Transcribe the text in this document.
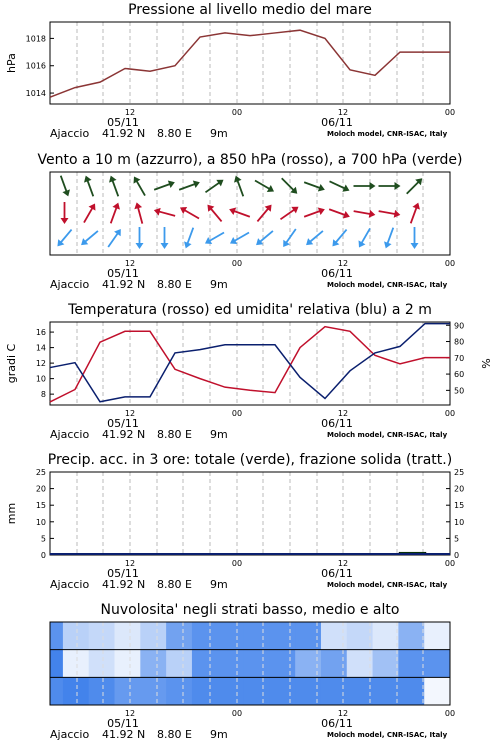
Pressione al livello medio del mare
12	00	12	00
05/11	06/11
Ajaccio 41.92 N 8.80 E 9m	Moloch model, CNR-ISAC, Italy
1014
1016
1018
hPa
Vento a 10 m (azzurro), a 850 hPa (rosso), a 700 hPa (verde)
12	00	12	00
05/11	06/11
Ajaccio 41.92 N 8.80 E 9m	Moloch model, CNR-ISAC, Italy
Temperatura (rosso) ed umidita' relativa (blu) a 2 m
12	00	12	00
05/11	06/11
Ajaccio 41.92 N 8.80 E 9m	Moloch model, CNR-ISAC, Italy
8
10
12
14
16
50
60
70
80
90
gradi C	%
Precip. acc. in 3 ore: totale (verde), frazione solida (tratt.)
12	00	12	00
05/11	06/11
Ajaccio 41.92 N 8.80 E 9m	Moloch model, CNR-ISAC, Italy
0	0
5	5
10	10
15	15
20	20
25	25
mm
Nuvolosita' negli strati basso, medio e alto
12	00	12	00
05/11	06/11
Ajaccio 41.92 N 8.80 E 9m	Moloch model, CNR-ISAC, Italy
